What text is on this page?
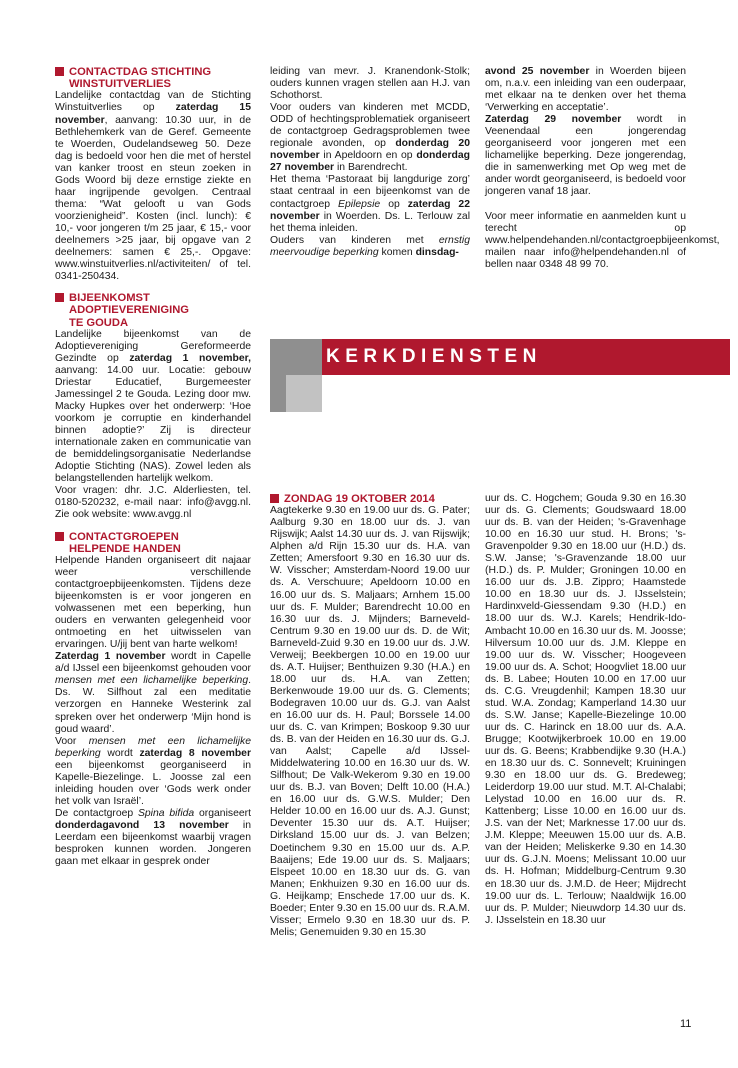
CONTACTDAG STICHTING
WINSTUITVERLIES

Landelijke contactdag van de Stichting Winstuitverlies op zaterdag 15 november, aanvang: 10.30 uur, in de Bethlehemkerk van de Geref. Gemeente te Woerden, Oudelandseweg 50. Deze dag is bedoeld voor hen die met of herstel van kanker troost en steun zoeken in Gods Woord bij deze ernstige ziekte en haar ingrijpende gevolgen. Centraal thema: “Wat gelooft u van Gods voorzienigheid”. Kosten (incl. lunch): € 10,- voor jongeren t/m 25 jaar, € 15,- voor deelnemers >25 jaar, bij opgave van 2 deelnemers: samen € 25,-. Opgave: www.winstuitverlies.nl/activiteiten/ of tel. 0341-250434.

BIJEENKOMST
ADOPTIEVERENIGING
TE GOUDA

Landelijke bijeenkomst van de Adoptievereniging Gereformeerde Gezindte op zaterdag 1 november, aanvang: 14.00 uur. Locatie: gebouw Driestar Educatief, Burgemeester Jamessingel 2 te Gouda. Lezing door mw. Macky Hupkes over het onderwerp: ‘Hoe voorkom je corruptie en kinderhandel binnen adoptie?’ Zij is directeur internationale zaken en communicatie van de bemiddelingsorganisatie Nederlandse Adoptie Stichting (NAS). Zowel leden als belangstellenden hartelijk welkom.

Voor vragen: dhr. J.C. Alderliesten, tel. 0180-520232, e-mail naar: info@avgg.nl. Zie ook website: www.avgg.nl

CONTACTGROEPEN
HELPENDE HANDEN

Helpende Handen organiseert dit najaar weer verschillende contactgroepbijeenkomsten. Tijdens deze bijeenkomsten is er voor jongeren en volwassenen met een beperking, hun ouders en verwanten gelegenheid voor ontmoeting en het uitwisselen van ervaringen. U/jij bent van harte welkom!

Zaterdag 1 november wordt in Capelle a/d IJssel een bijeenkomst gehouden voor mensen met een lichamelijke beperking. Ds. W. Silfhout zal een meditatie verzorgen en Hanneke Westerink zal spreken over het onderwerp ‘Mijn hond is goud waard’.

Voor mensen met een lichamelijke beperking wordt zaterdag 8 november een bijeenkomst georganiseerd in Kapelle-Biezelinge. L. Joosse zal een inleiding houden over ‘Gods werk onder het volk van Israël’.

De contactgroep Spina bifida organiseert donderdagavond 13 november in Leerdam een bijeenkomst waarbij vragen besproken kunnen worden. Jongeren gaan met elkaar in gesprek onder

leiding van mevr. J. Kranendonk-Stolk; ouders kunnen vragen stellen aan H.J. van Schothorst.

Voor ouders van kinderen met MCDD, ODD of hechtingsproblematiek organiseert de contactgroep Gedragsproblemen twee regionale avonden, op donderdag 20 november in Apeldoorn en op donderdag 27 november in Barendrecht.

Het thema ‘Pastoraat bij langdurige zorg’ staat centraal in een bijeenkomst van de contactgroep Epilepsie op zaterdag 22 november in Woerden. Ds. L. Terlouw zal het thema inleiden.

Ouders van kinderen met ernstig meervoudige beperking komen dinsdag-

avond 25 november in Woerden bijeen om, n.a.v. een inleiding van een ouderpaar, met elkaar na te denken over het thema ‘Verwerking en acceptatie’.

Zaterdag 29 november wordt in Veenendaal een jongerendag georganiseerd voor jongeren met een lichamelijke beperking. Deze jongerendag, die in samenwerking met Op weg met de ander wordt georganiseerd, is bedoeld voor jongeren vanaf 18 jaar.

Voor meer informatie en aanmelden kunt u terecht op www.helpendehanden.nl/contactgroepbijeenkomst, mailen naar info@helpendehanden.nl of bellen naar 0348 48 99 70.

KERKDIENSTEN
ZONDAG 19 OKTOBER 2014

Aagtekerke 9.30 en 19.00 uur ds. G. Pater; Aalburg 9.30 en 18.00 uur ds. J. van Rijswijk; Aalst 14.30 uur ds. J. van Rijswijk; Alphen a/d Rijn 15.30 uur ds. H.A. van Zetten; Amersfoort 9.30 en 16.30 uur ds. W. Visscher; Amsterdam-Noord 19.00 uur ds. A. Verschuure; Apeldoorn 10.00 en 16.00 uur ds. S. Maljaars; Arnhem 15.00 uur ds. F. Mulder; Barendrecht 10.00 en 16.30 uur ds. J. Mijnders; Barneveld-Centrum 9.30 en 19.00 uur ds. D. de Wit; Barneveld-Zuid 9.30 en 19.00 uur ds. J.W. Verweij; Beekbergen 10.00 en 19.00 uur ds. A.T. Huijser; Benthuizen 9.30 (H.A.) en 18.00 uur ds. H.A. van Zetten; Berkenwoude 19.00 uur ds. G. Clements; Bodegraven 10.00 uur ds. G.J. van Aalst en 16.00 uur ds. H. Paul; Borssele 14.00 uur ds. C. van Krimpen; Boskoop 9.30 uur ds. B. van der Heiden en 16.30 uur ds. G.J. van Aalst; Capelle a/d IJssel-Middelwatering 10.00 en 16.30 uur ds. W. Silfhout; De Valk-Wekerom 9.30 en 19.00 uur ds. B.J. van Boven; Delft 10.00 (H.A.) en 16.00 uur ds. G.W.S. Mulder; Den Helder 10.00 en 16.00 uur ds. A.J. Gunst; Deventer 15.30 uur ds. A.T. Huijser; Dirksland 15.00 uur ds. J. van Belzen; Doetinchem 9.30 en 15.00 uur ds. A.P. Baaijens; Ede 19.00 uur ds. S. Maljaars; Elspeet 10.00 en 18.30 uur ds. G. van Manen; Enkhuizen 9.30 en 16.00 uur ds. G. Heijkamp; Enschede 17.00 uur ds. K. Boeder; Enter 9.30 en 15.00 uur ds. R.A.M. Visser; Ermelo 9.30 en 18.30 uur ds. P. Melis; Genemuiden 9.30 en 15.30

uur ds. C. Hogchem; Gouda 9.30 en 16.30 uur ds. G. Clements; Goudswaard 18.00 uur ds. B. van der Heiden; 's-Gravenhage 10.00 en 16.30 uur stud. H. Brons; 's-Gravenpolder 9.30 en 18.00 uur (H.D.) ds. S.W. Janse; 's-Gravenzande 18.00 uur (H.D.) ds. P. Mulder; Groningen 10.00 en 16.00 uur ds. J.B. Zippro; Haamstede 10.00 en 18.30 uur ds. J. IJsselstein; Hardinxveld-Giessendam 9.30 (H.D.) en 18.00 uur ds. W.J. Karels; Hendrik-Ido-Ambacht 10.00 en 16.30 uur ds. M. Joosse; Hilversum 10.00 uur ds. J.M. Kleppe en 19.00 uur ds. W. Visscher; Hoogeveen 19.00 uur ds. A. Schot; Hoogvliet 18.00 uur ds. B. Labee; Houten 10.00 en 17.00 uur ds. C.G. Vreugdenhil; Kampen 18.30 uur stud. W.A. Zondag; Kamperland 14.30 uur ds. S.W. Janse; Kapelle-Biezelinge 10.00 uur ds. C. Harinck en 18.00 uur ds. A.A. Brugge; Kootwijkerbroek 10.00 en 19.00 uur ds. G. Beens; Krabbendijke 9.30 (H.A.) en 18.30 uur ds. C. Sonnevelt; Kruiningen 9.30 en 18.00 uur ds. G. Bredeweg; Leiderdorp 19.00 uur stud. M.T. Al-Chalabi; Lelystad 10.00 en 16.00 uur ds. R. Kattenberg; Lisse 10.00 en 16.00 uur ds. J.S. van der Net; Marknesse 17.00 uur ds. J.M. Kleppe; Meeuwen 15.00 uur ds. A.B. van der Heiden; Meliskerke 9.30 en 14.30 uur ds. G.J.N. Moens; Melissant 10.00 uur ds. H. Hofman; Middelburg-Centrum 9.30 en 18.30 uur ds. J.M.D. de Heer; Mijdrecht 19.00 uur ds. L. Terlouw; Naaldwijk 16.00 uur ds. P. Mulder; Nieuwdorp 14.30 uur ds. J. IJsselstein en 18.30 uur

11
